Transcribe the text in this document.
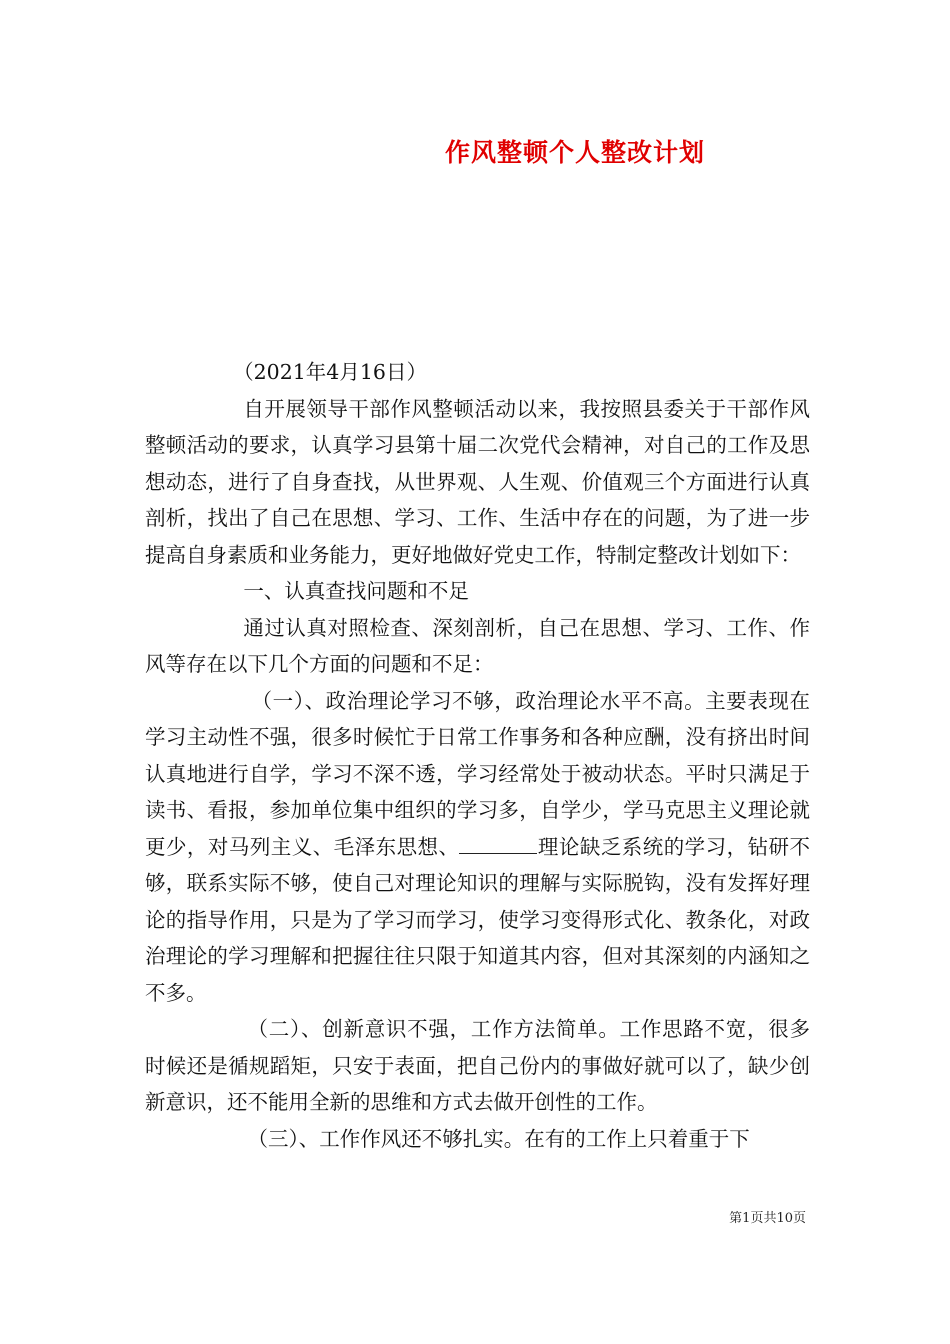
作风整顿个人整改计划

（2021年4月16日）

自开展领导干部作风整顿活动以来，我按照县委关于干部作风整顿活动的要求，认真学习县第十届二次党代会精神，对自己的工作及思想动态，进行了自身查找，从世界观、人生观、价值观三个方面进行认真剖析，找出了自己在思想、学习、工作、生活中存在的问题，为了进一步提高自身素质和业务能力，更好地做好党史工作，特制定整改计划如下：

一、认真查找问题和不足

通过认真对照检查、深刻剖析，自己在思想、学习、工作、作风等存在以下几个方面的问题和不足：

（一）、政治理论学习不够，政治理论水平不高。主要表现在学习主动性不强，很多时候忙于日常工作事务和各种应酬，没有挤出时间认真地进行自学，学习不深不透，学习经常处于被动状态。平时只满足于读书、看报，参加单位集中组织的学习多，自学少，学马克思主义理论就更少，对马列主义、毛泽东思想、	理论缺乏系统的学习，钻研不够，联系实际不够，使自己对理论知识的理解与实际脱钩，没有发挥好理论的指导作用，只是为了学习而学习，使学习变得形式化、教条化，对政治理论的学习理解和把握往往只限于知道其内容，但对其深刻的内涵知之不多。

（二）、创新意识不强，工作方法简单。工作思路不宽，很多时候还是循规蹈矩，只安于表面，把自己份内的事做好就可以了，缺少创新意识，还不能用全新的思维和方式去做开创性的工作。

（三）、工作作风还不够扎实。在有的工作上只着重于下

第1页共10页
